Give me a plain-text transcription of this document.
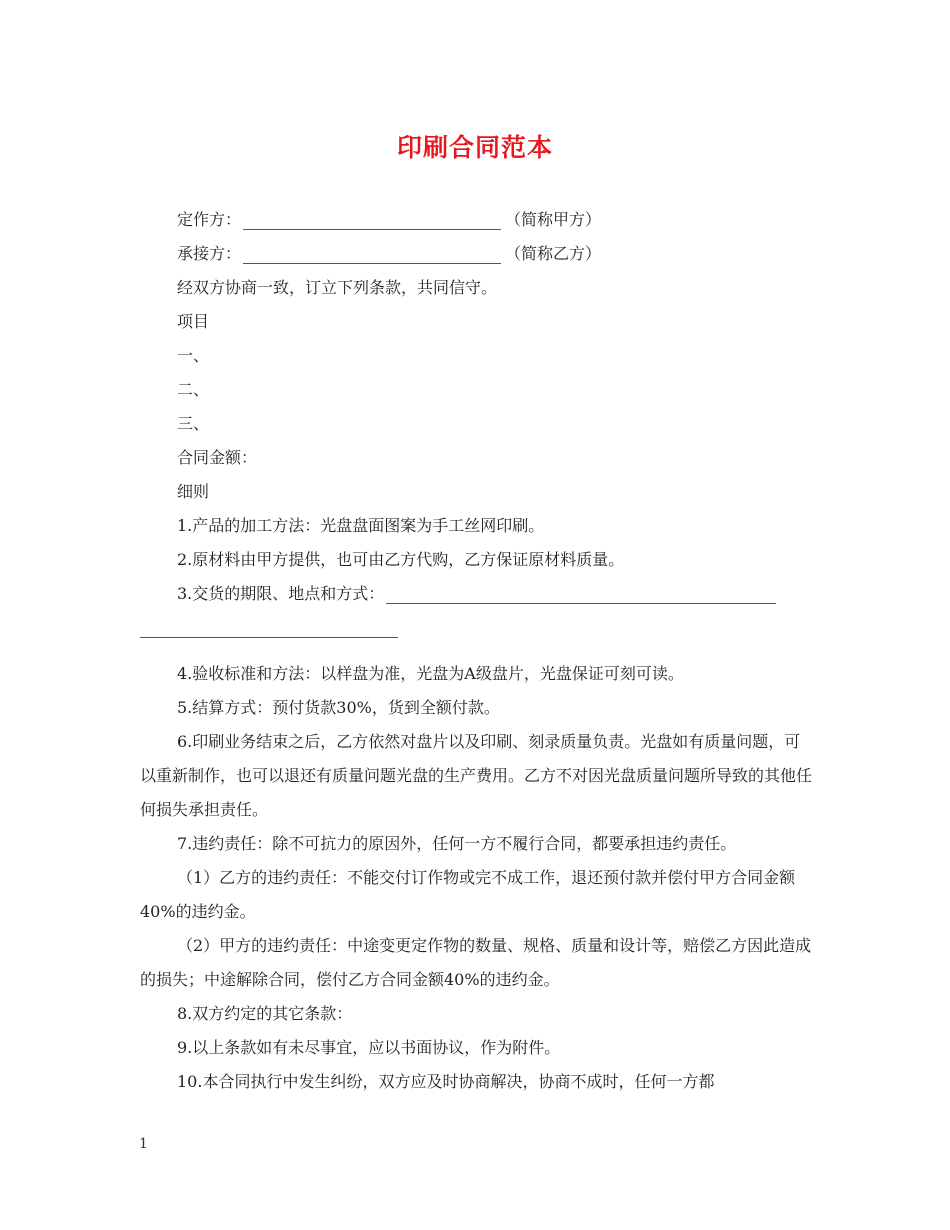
印刷合同范本
定作方：	（简称甲方）
承接方：	（简称乙方）
经双方协商一致，订立下列条款，共同信守。
项目
一、
二、
三、
合同金额：
细则
1.产品的加工方法：光盘盘面图案为手工丝网印刷。
2.原材料由甲方提供，也可由乙方代购，乙方保证原材料质量。
3.交货的期限、地点和方式：
4.验收标准和方法：以样盘为准，光盘为A级盘片，光盘保证可刻可读。
5.结算方式：预付货款30%，货到全额付款。
6.印刷业务结束之后，乙方依然对盘片以及印刷、刻录质量负责。光盘如有质量问题，可以重新制作，也可以退还有质量问题光盘的生产费用。乙方不对因光盘质量问题所导致的其他任何损失承担责任。
7.违约责任：除不可抗力的原因外，任何一方不履行合同，都要承担违约责任。
（1）乙方的违约责任：不能交付订作物或完不成工作，退还预付款并偿付甲方合同金额40%的违约金。
（2）甲方的违约责任：中途变更定作物的数量、规格、质量和设计等，赔偿乙方因此造成的损失；中途解除合同，偿付乙方合同金额40%的违约金。
8.双方约定的其它条款：
9.以上条款如有未尽事宜，应以书面协议，作为附件。
10.本合同执行中发生纠纷，双方应及时协商解决，协商不成时，任何一方都
1
